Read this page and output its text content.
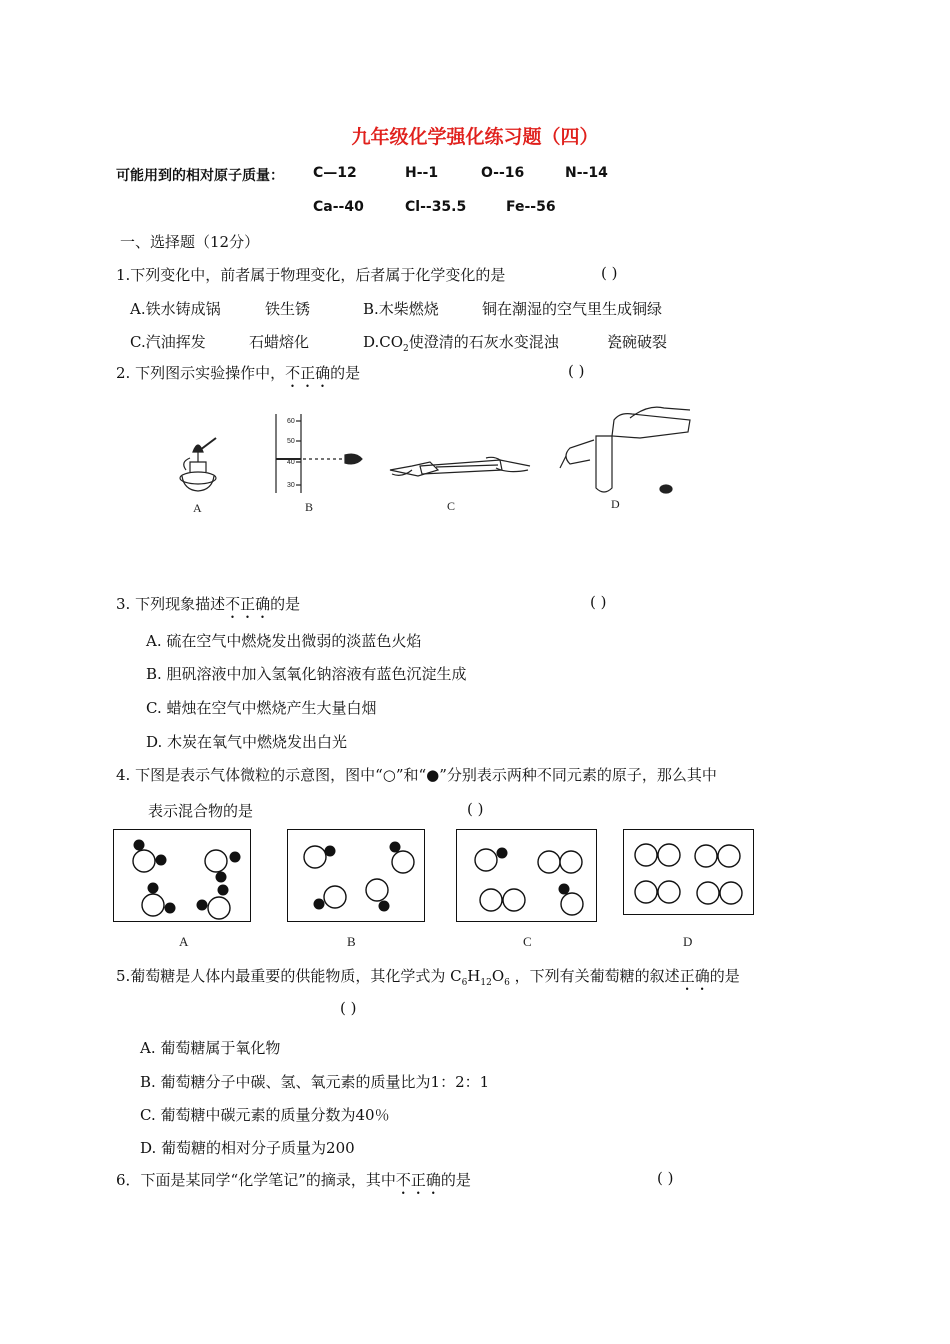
九年级化学强化练习题（四）
可能用到的相对原子质量： C—12	H--1	O--16	N--14
Ca--40	Cl--35.5	Fe--56
一、选择题（12分）
1.下列变化中，前者属于物理变化，后者属于化学变化的是	( )
A.铁水铸成锅	铁生锈	B.木柴燃烧	铜在潮湿的空气里生成铜绿
C.汽油挥发	石蜡熔化	$D.CO_2$使澄清的石灰水变混浊	瓷碗破裂
2. 下列图示实验操作中，不正确的是	( )
60
50
40
30
A	B	C	D
3. 下列现象描述不正确的是	( )
A. 硫在空气中燃烧发出微弱的淡蓝色火焰
B. 胆矾溶液中加入氢氧化钠溶液有蓝色沉淀生成
C. 蜡烛在空气中燃烧产生大量白烟
D. 木炭在氧气中燃烧发出白光
4. 下图是表示气体微粒的示意图，图中“○”和“●”分别表示两种不同元素的原子，那么其中
表示混合物的是	( )
A	B	C	D
5.葡萄糖是人体内最重要的供能物质，其化学式为 $C_6H_{12}O_6$ ，下列有关葡萄糖的叙述正确的是
( )
A. 葡萄糖属于氧化物
B. 葡萄糖分子中碳、氢、氧元素的质量比为1：2：1
C. 葡萄糖中碳元素的质量分数为40％
D. 葡萄糖的相对分子质量为200
6．下面是某同学“化学笔记”的摘录，其中不正确的是	( )
